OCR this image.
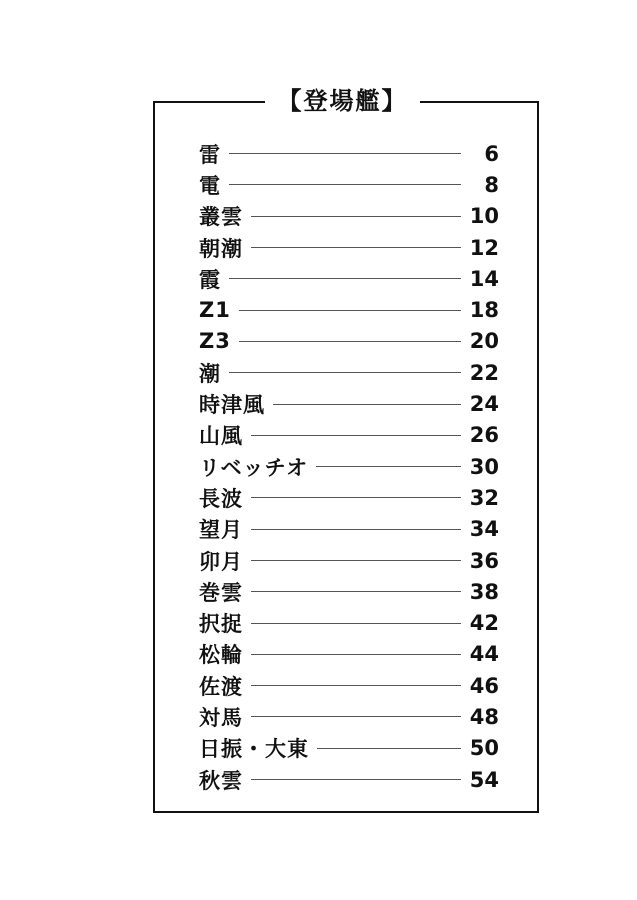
【登場艦】
雷	6
電	8
叢雲	10
朝潮	12
霞	14
Z1	18
Z3	20
潮	22
時津風	24
山風	26
リベッチオ	30
長波	32
望月	34
卯月	36
巻雲	38
択捉	42
松輪	44
佐渡	46
対馬	48
日振・大東	50
秋雲	54
